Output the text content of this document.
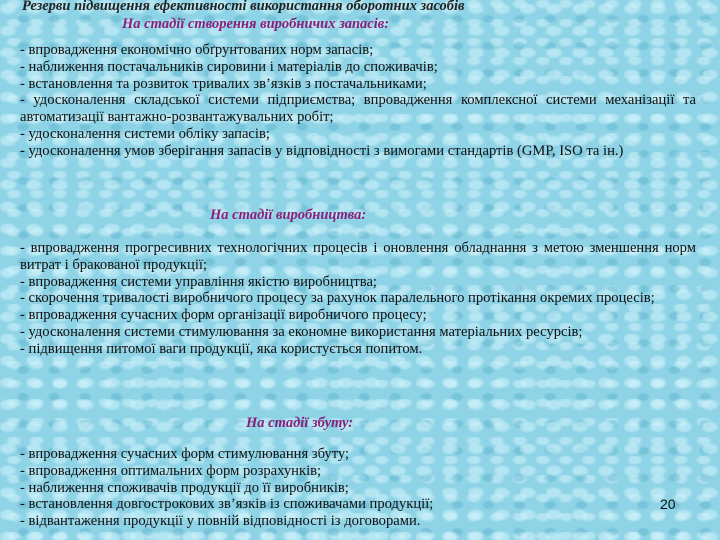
Резерви підвищення ефективності використання оборотних засобів
На стадії створення виробничих запасів:
- впровадження економічно обґрунтованих норм запасів;
- наближення постачальників сировини і матеріалів до споживачів;
- встановлення та розвиток тривалих зв’язків з постачальниками;
- удосконалення складської системи підприємства; впровадження комплексної системи механізації та автоматизації вантажно-розвантажувальних робіт;
- удосконалення системи обліку запасів;
- удосконалення умов зберігання запасів у відповідності з вимогами стандартів (GMP, ISO та ін.)
На стадії виробництва:
- впровадження прогресивних технологічних процесів і оновлення обладнання з метою зменшення норм витрат і бракованої продукції;
- впровадження системи управління якістю виробництва;
- скорочення тривалості виробничого процесу за рахунок паралельного протікання окремих процесів;
- впровадження сучасних форм організації виробничого процесу;
- удосконалення системи стимулювання за економне використання матеріальних ресурсів;
- підвищення питомої ваги продукції, яка користується попитом.
На стадії збуту:
- впровадження сучасних форм стимулювання збуту;
- впровадження оптимальних форм розрахунків;
- наближення споживачів продукції до її виробників;
- встановлення довгострокових зв’язків із споживачами продукції;
- відвантаження продукції у повній відповідності із договорами.
20
